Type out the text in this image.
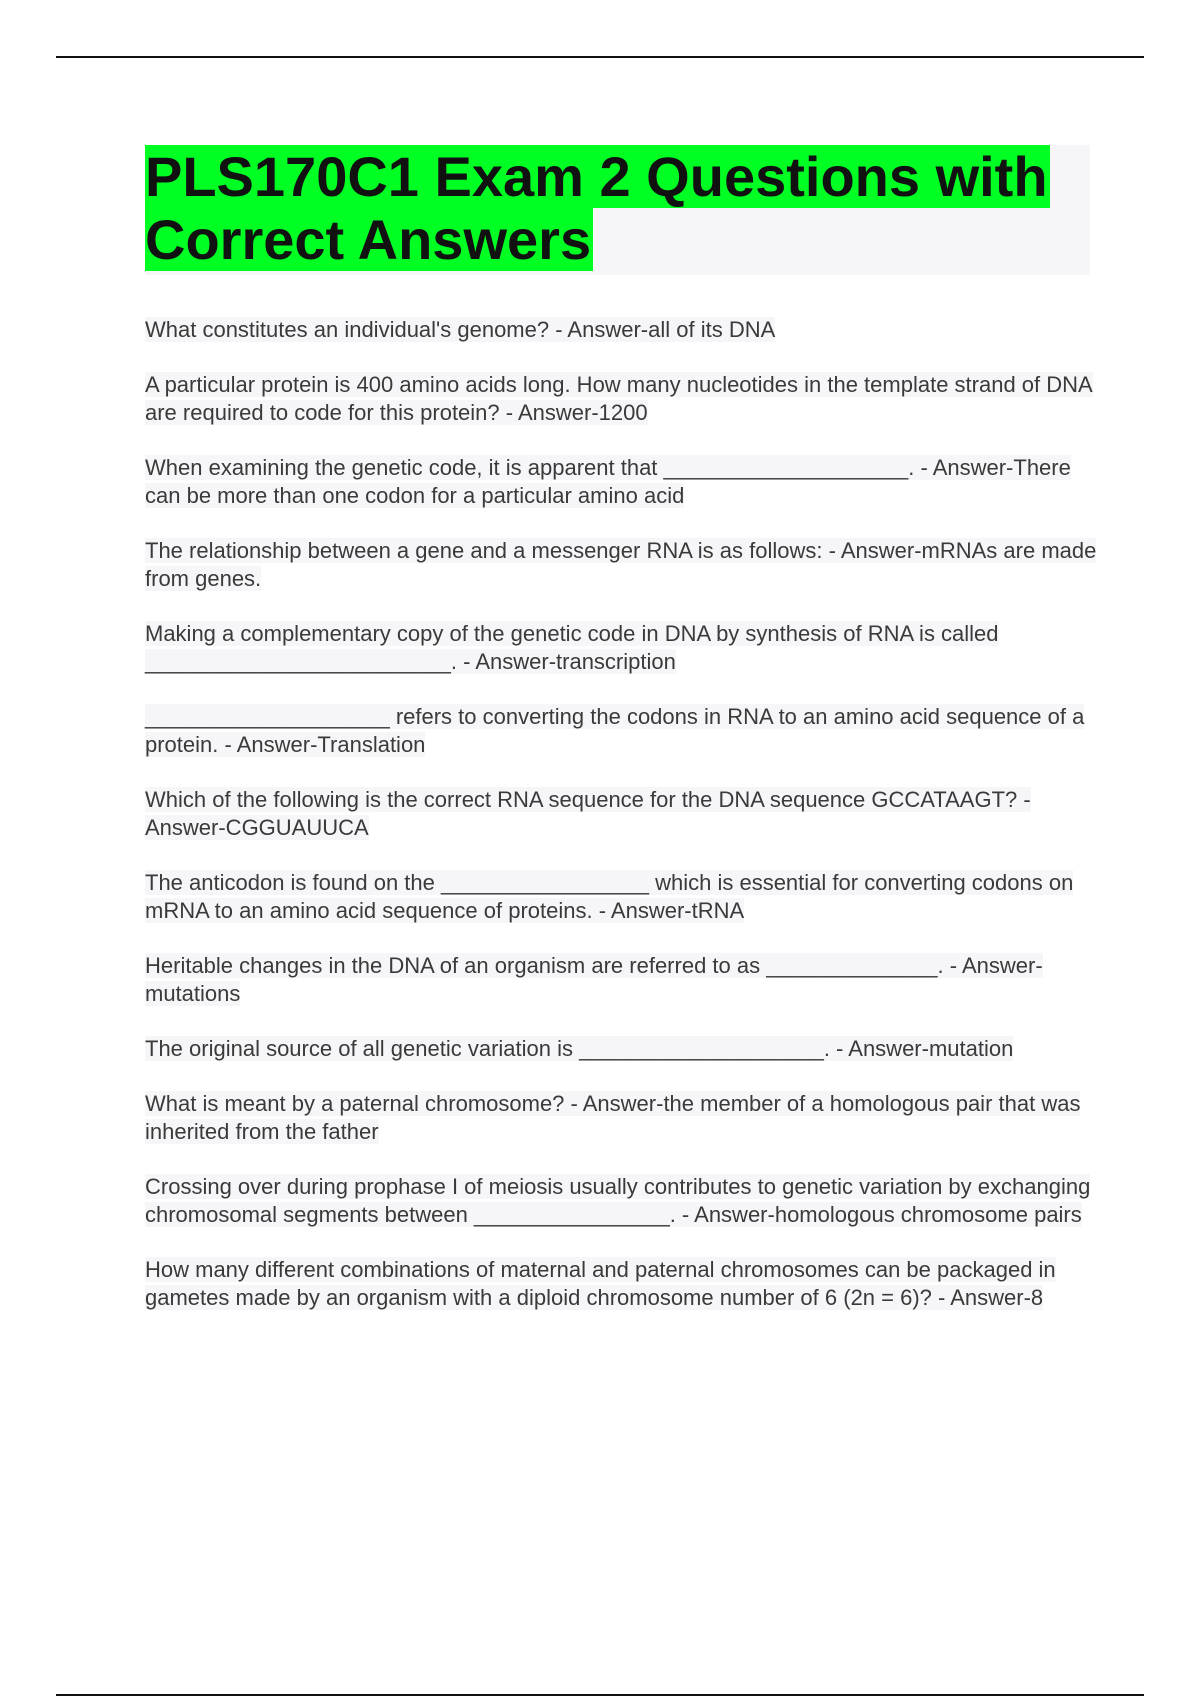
PLS170C1 Exam 2 Questions with Correct Answers

What constitutes an individual's genome? - Answer-all of its DNA

A particular protein is 400 amino acids long. How many nucleotides in the template strand of DNA are required to code for this protein? - Answer-1200

When examining the genetic code, it is apparent that ____________________. - Answer-There can be more than one codon for a particular amino acid

The relationship between a gene and a messenger RNA is as follows: - Answer-mRNAs are made from genes.

Making a complementary copy of the genetic code in DNA by synthesis of RNA is called _________________________. - Answer-transcription

____________________ refers to converting the codons in RNA to an amino acid sequence of a protein. - Answer-Translation

Which of the following is the correct RNA sequence for the DNA sequence GCCATAAGT? - Answer-CGGUAUUCA

The anticodon is found on the _________________ which is essential for converting codons on mRNA to an amino acid sequence of proteins. - Answer-tRNA

Heritable changes in the DNA of an organism are referred to as ______________. - Answer-mutations

The original source of all genetic variation is ____________________. - Answer-mutation

What is meant by a paternal chromosome? - Answer-the member of a homologous pair that was inherited from the father

Crossing over during prophase I of meiosis usually contributes to genetic variation by exchanging chromosomal segments between ________________. - Answer-homologous chromosome pairs

How many different combinations of maternal and paternal chromosomes can be packaged in gametes made by an organism with a diploid chromosome number of 6 (2n = 6)? - Answer-8
